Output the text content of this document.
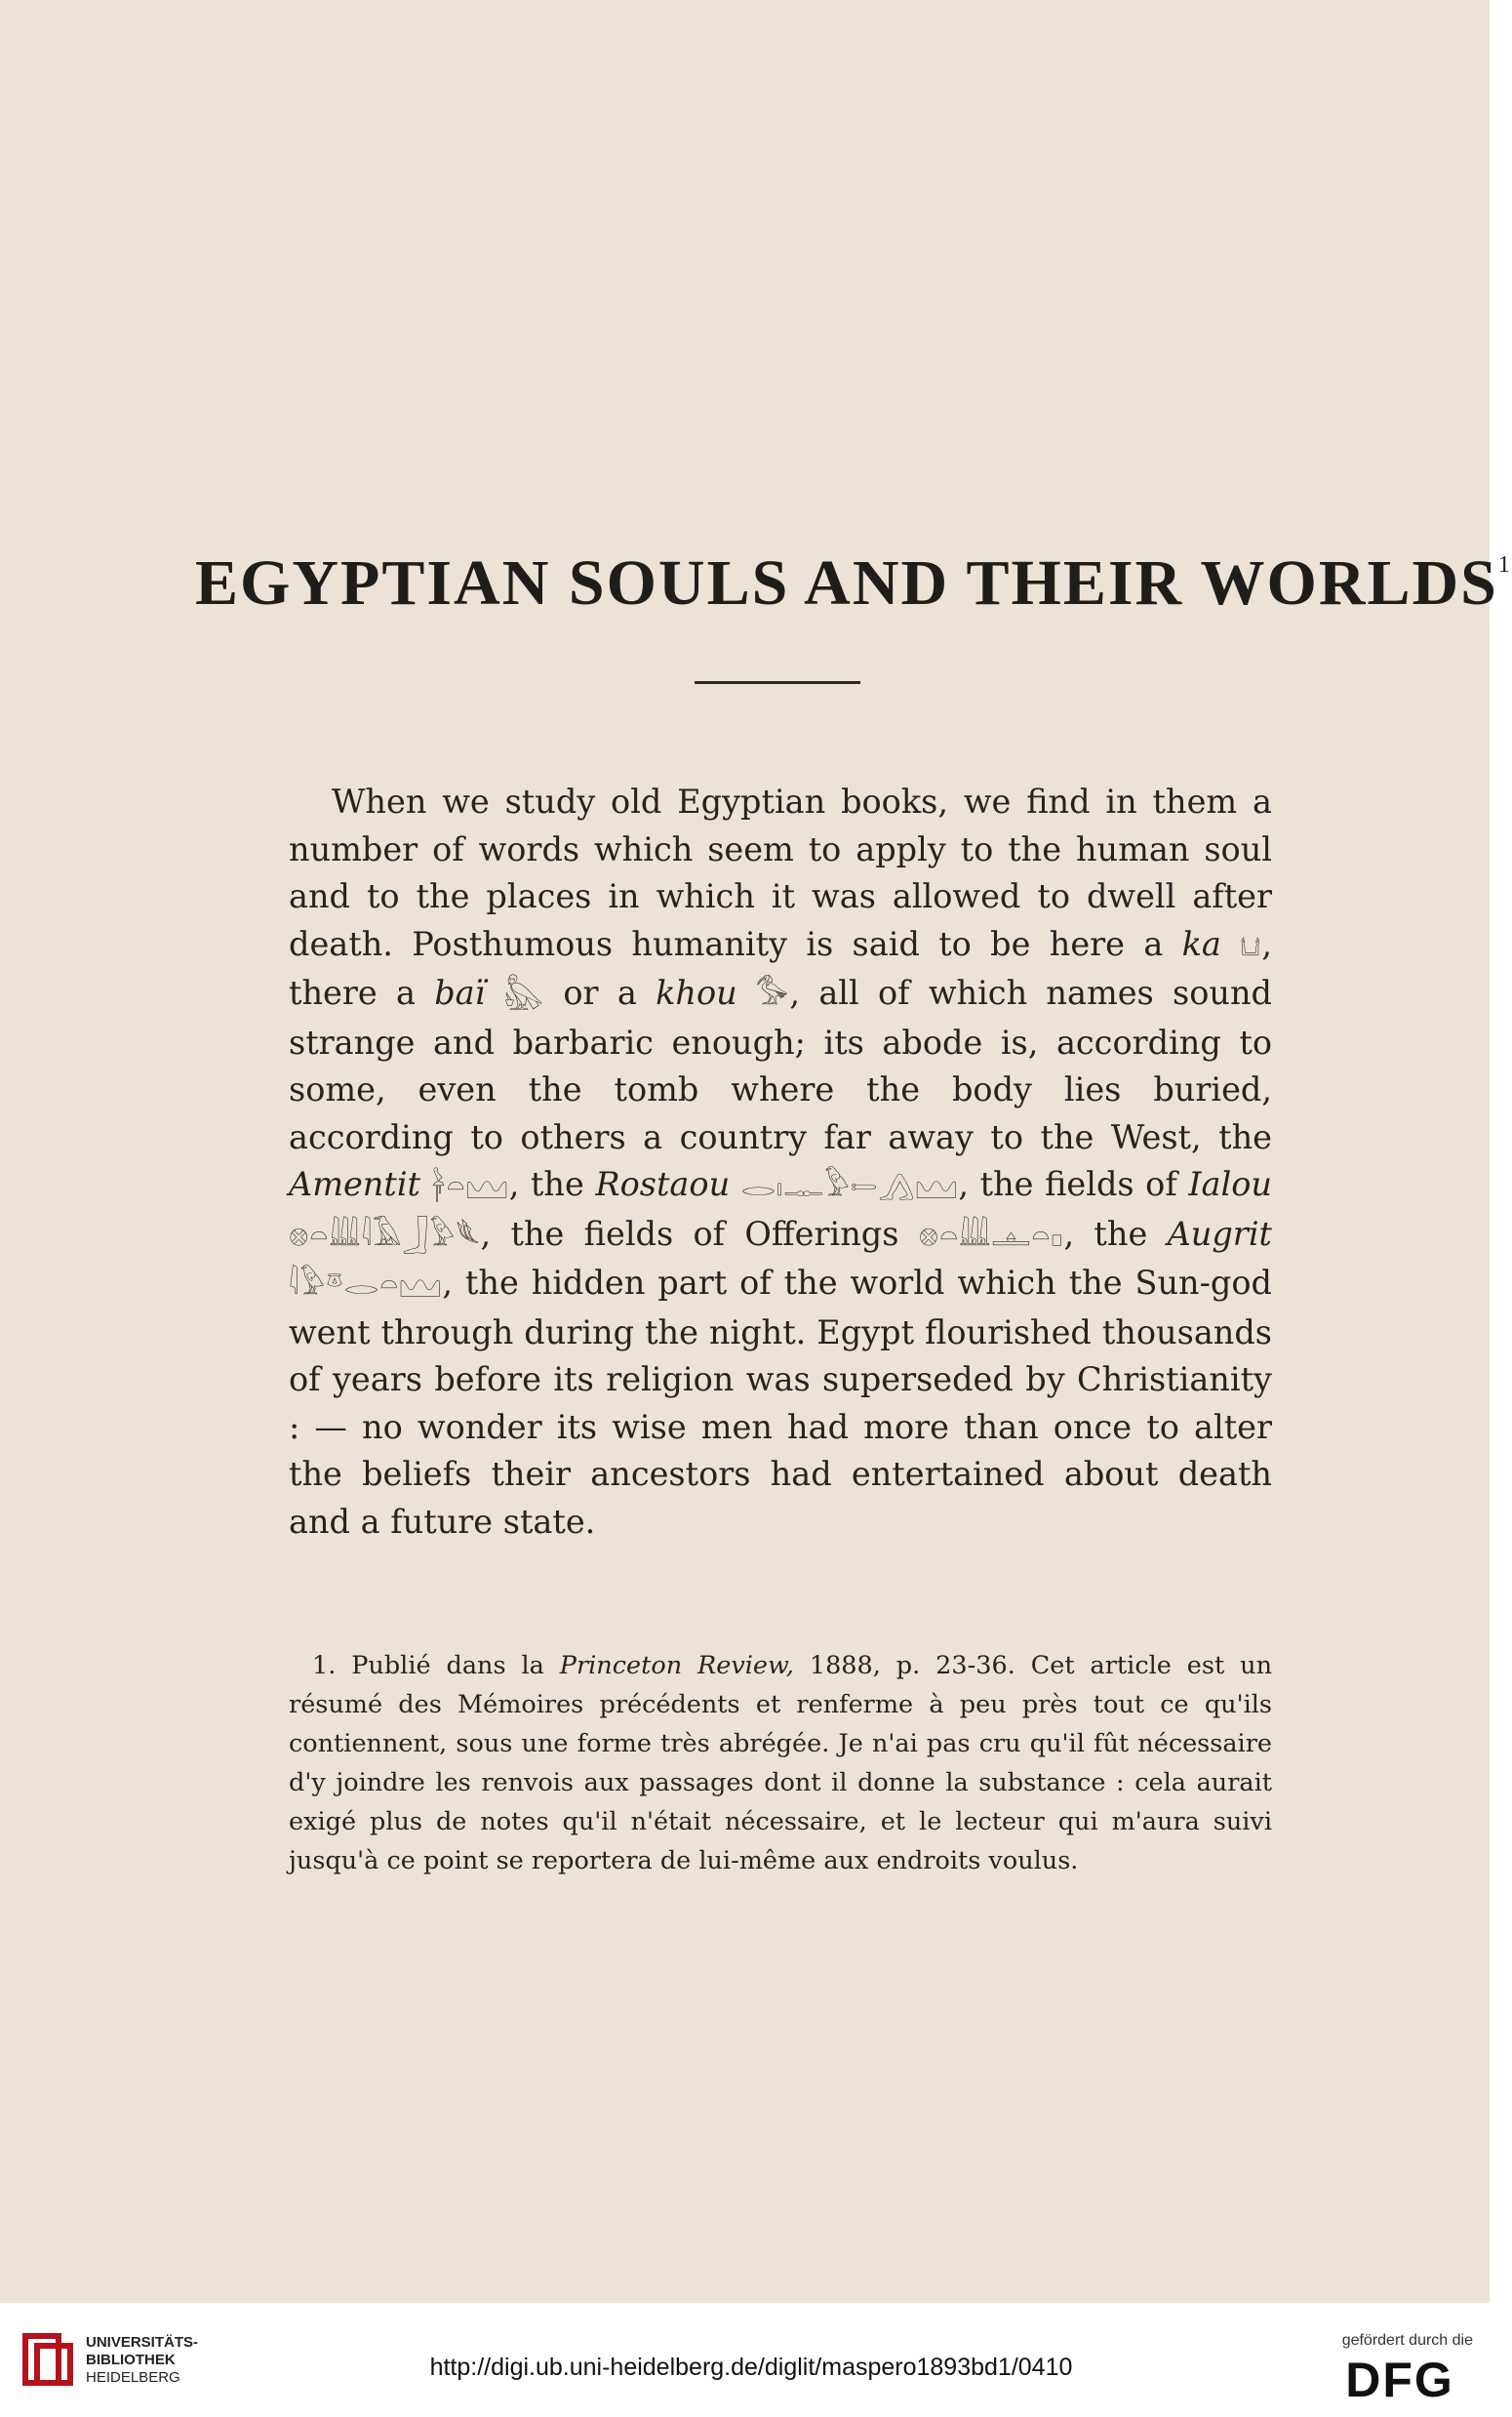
EGYPTIAN SOULS AND THEIR WORLDS$^1$

When we study old Egyptian books, we find in them a number of words which seem to apply to the human soul and to the places in which it was allowed to dwell after death. Posthumous humanity is said to be here a ka 𓂓, there a baï 𓅽 or a khou 𓅜, all of which names sound strange and barbaric enough; its abode is, according to some, even the tomb where the body lies buried, according to others a country far away to the West, the Amentit 𓋀𓏏𓈉, the Rostaou 𓂋𓏤𓊃𓅱𓍿𓂻𓈉, the fields of Ialou 𓊖𓏏𓇏𓇋𓄿𓃀𓅱𓆰, the fields of Offerings 𓊖𓏏𓇏𓊵𓏏𓊪, the Augrit 𓇋𓅱𓎼𓂋𓏏𓈉, the hidden part of the world which the Sun-god went through during the night. Egypt flourished thousands of years before its religion was superseded by Christianity : — no wonder its wise men had more than once to alter the beliefs their ancestors had entertained about death and a future state.

1. Publié dans la Princeton Review, 1888, p. 23-36. Cet article est un résumé des Mémoires précédents et renferme à peu près tout ce qu'ils contiennent, sous une forme très abrégée. Je n'ai pas cru qu'il fût nécessaire d'y joindre les renvois aux passages dont il donne la substance : cela aurait exigé plus de notes qu'il n'était nécessaire, et le lecteur qui m'aura suivi jusqu'à ce point se reportera de lui-même aux endroits voulus.

UNIVERSITÄTS-
BIBLIOTHEK
HEIDELBERG	http://digi.ub.uni-heidelberg.de/diglit/maspero1893bd1/0410
gefördert durch die
DFG
